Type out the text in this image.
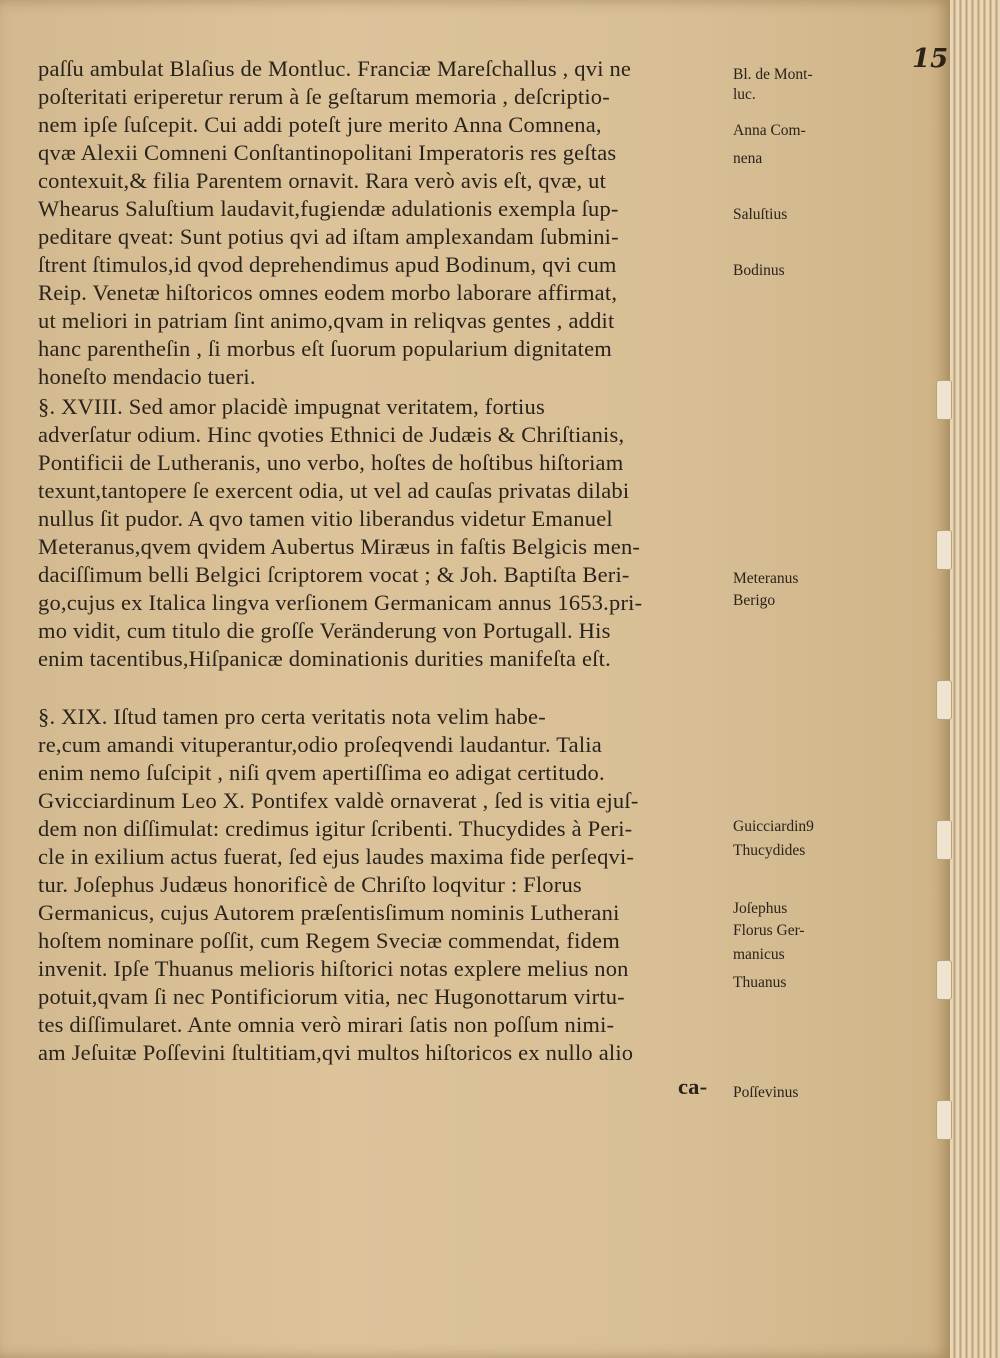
15
paſſu ambulat Blaſius de Montluc. Franciæ Mareſchallus , qvi ne
poſteritati eriperetur rerum à ſe geſtarum memoria , deſcriptio-
nem ipſe ſuſcepit. Cui addi poteſt jure merito Anna Comnena,
qvæ Alexii Comneni Conſtantinopolitani Imperatoris res geſtas
contexuit,& filia Parentem ornavit. Rara verò avis eſt, qvæ, ut
Whearus Saluſtium laudavit,fugiendæ adulationis exempla ſup-
peditare qveat: Sunt potius qvi ad iſtam amplexandam ſubmini-
ſtrent ſtimulos,id qvod deprehendimus apud Bodinum, qvi cum
Reip. Venetæ hiſtoricos omnes eodem morbo laborare affirmat,
ut meliori in patriam ſint animo,qvam in reliqvas gentes , addit
hanc parentheſin , ſi morbus eſt ſuorum popularium dignitatem
honeſto mendacio tueri.
§. XVIII. Sed amor placidè impugnat veritatem, fortius
adverſatur odium. Hinc qvoties Ethnici de Judæis & Chriſtianis,
Pontificii de Lutheranis, uno verbo, hoſtes de hoſtibus hiſtoriam
texunt,tantopere ſe exercent odia, ut vel ad cauſas privatas dilabi
nullus ſit pudor. A qvo tamen vitio liberandus videtur Emanuel
Meteranus,qvem qvidem Aubertus Miræus in faſtis Belgicis men-
daciſſimum belli Belgici ſcriptorem vocat ; & Joh. Baptiſta Beri-
go,cujus ex Italica lingva verſionem Germanicam annus 1653.pri-
mo vidit, cum titulo die groſſe Veränderung von Portugall. His
enim tacentibus,Hiſpanicæ dominationis durities manifeſta eſt.
§. XIX. Iſtud tamen pro certa veritatis nota velim habe-
re,cum amandi vituperantur,odio proſeqvendi laudantur. Talia
enim nemo ſuſcipit , niſi qvem apertiſſima eo adigat certitudo.
Gvicciardinum Leo X. Pontifex valdè ornaverat , ſed is vitia ejuſ-
dem non diſſimulat: credimus igitur ſcribenti. Thucydides à Peri-
cle in exilium actus fuerat, ſed ejus laudes maxima fide perſeqvi-
tur. Joſephus Judæus honorificè de Chriſto loqvitur : Florus
Germanicus, cujus Autorem præſentisſimum nominis Lutherani
hoſtem nominare poſſit, cum Regem Sveciæ commendat, fidem
invenit. Ipſe Thuanus melioris hiſtorici notas explere melius non
potuit,qvam ſi nec Pontificiorum vitia, nec Hugonottarum virtu-
tes diſſimularet. Ante omnia verò mirari ſatis non poſſum nimi-
am Jeſuitæ Poſſevini ſtultitiam,qvi multos hiſtoricos ex nullo alio
ca-
Bl. de Mont-
luc.
Anna Com-
nena
Saluſtius
Bodinus
Meteranus
Berigo
Guicciardin9
Thucydides
Joſephus
Florus Ger-
manicus
Thuanus
Poſſevinus
